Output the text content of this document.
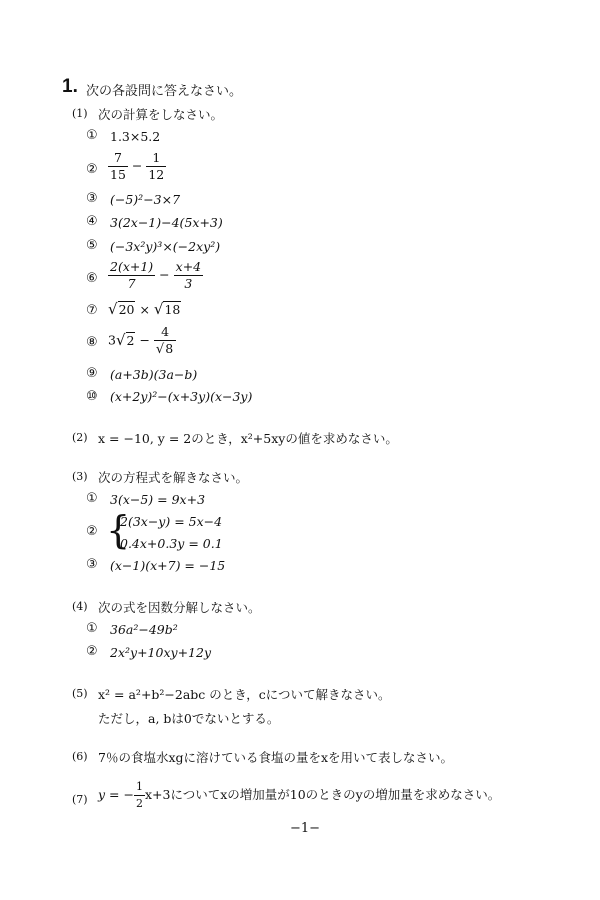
1. 次の各設問に答えなさい。
(1) 次の計算をしなさい。
① 1.3×5.2
② $\frac{7}{15} - \frac{1}{12}$
③ (−5)²−3×7
④ 3(2x−1)−4(5x+3)
⑤ (−3x²y)³×(−2xy²)
⑥ $\frac{2(x+1)}{7} - \frac{x+4}{3}$
⑦ √20 × √18
⑧ $3√2 - \frac{4}{√8}$
⑨ (a+3b)(3a−b)
⑩ (x+2y)²−(x+3y)(x−3y)
(2) x = −10, y = 2のとき，x²+5xyの値を求めなさい。
(3) 次の方程式を解きなさい。
① 3(x−5) = 9x+3
② {
2(3x−y) = 5x−4
0.4x+0.3y = 0.1
③ (x−1)(x+7) = −15
(4) 次の式を因数分解しなさい。
① 36a²−49b²
② 2x²y+10xy+12y
(5) x² = a²+b²−2abc のとき，cについて解きなさい。
ただし，a, bは0でないとする。
(6) 7％の食塩水xgに溶けている食塩の量をxを用いて表しなさい。
(7) y = − $\frac{1}{2} x+3$についてxの増加量が10のときのyの増加量を求めなさい。
−1−
